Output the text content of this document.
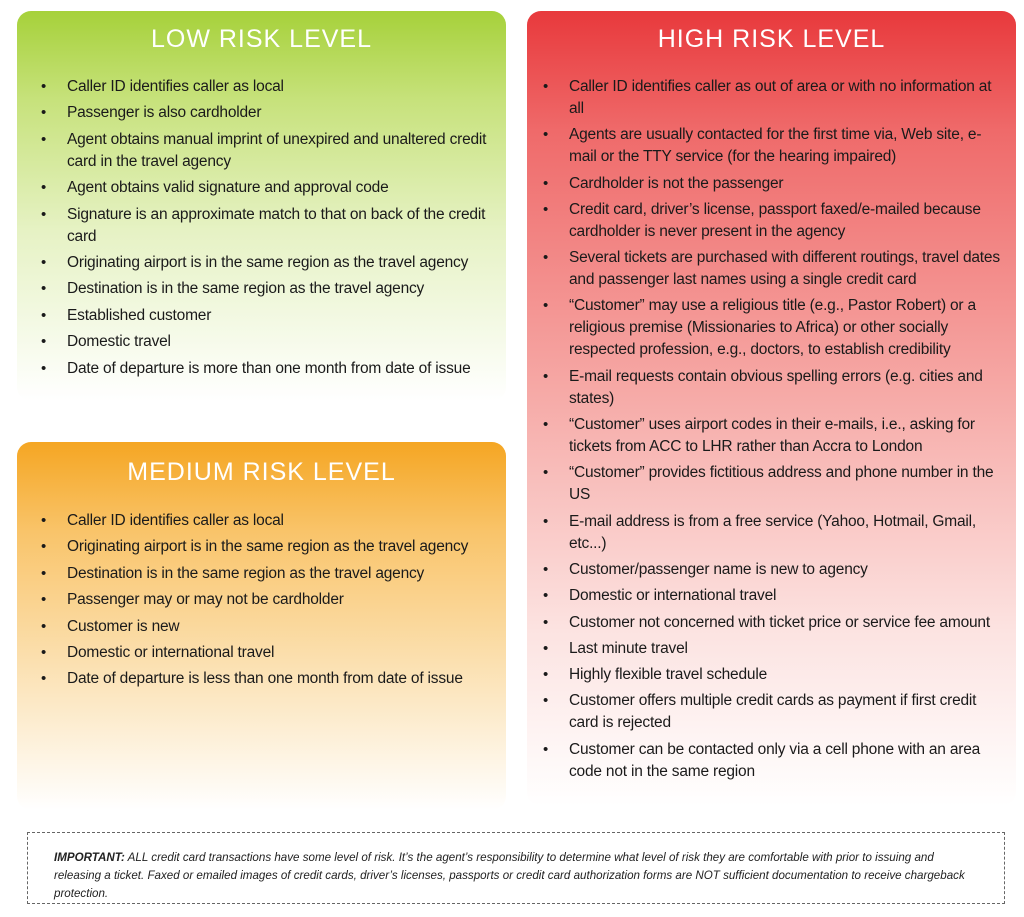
LOW RISK LEVEL
• Caller ID identifies caller as local
• Passenger is also cardholder
• Agent obtains manual imprint of unexpired and unaltered credit card in the travel agency
• Agent obtains valid signature and approval code
• Signature is an approximate match to that on back of the credit card
• Originating airport is in the same region as the travel agency
• Destination is in the same region as the travel agency
• Established customer
• Domestic travel
• Date of departure is more than one month from date of issue
MEDIUM RISK LEVEL
• Caller ID identifies caller as local
• Originating airport is in the same region as the travel agency
• Destination is in the same region as the travel agency
• Passenger may or may not be cardholder
• Customer is new
• Domestic or international travel
• Date of departure is less than one month from date of issue
HIGH RISK LEVEL
• Caller ID identifies caller as out of area or with no information at all
• Agents are usually contacted for the first time via, Web site, e-mail or the TTY service (for the hearing impaired)
• Cardholder is not the passenger
• Credit card, driver’s license, passport faxed/e-mailed because cardholder is never present in the agency
• Several tickets are purchased with different routings, travel dates and passenger last names using a single credit card
• “Customer” may use a religious title (e.g., Pastor Robert) or a religious premise (Missionaries to Africa) or other socially respected profession, e.g., doctors, to establish credibility
• E-mail requests contain obvious spelling errors (e.g. cities and states)
• “Customer” uses airport codes in their e-mails, i.e., asking for tickets from ACC to LHR rather than Accra to London
• “Customer” provides fictitious address and phone number in the US
• E-mail address is from a free service (Yahoo, Hotmail, Gmail, etc...)
• Customer/passenger name is new to agency
• Domestic or international travel
• Customer not concerned with ticket price or service fee amount
• Last minute travel
• Highly flexible travel schedule
• Customer offers multiple credit cards as payment if first credit card is rejected
• Customer can be contacted only via a cell phone with an area code not in the same region
IMPORTANT: ALL credit card transactions have some level of risk. It’s the agent’s responsibility to determine what level of risk they are comfortable with prior to issuing and releasing a ticket. Faxed or emailed images of credit cards, driver’s licenses, passports or credit card authorization forms are NOT sufficient documentation to receive chargeback protection.
